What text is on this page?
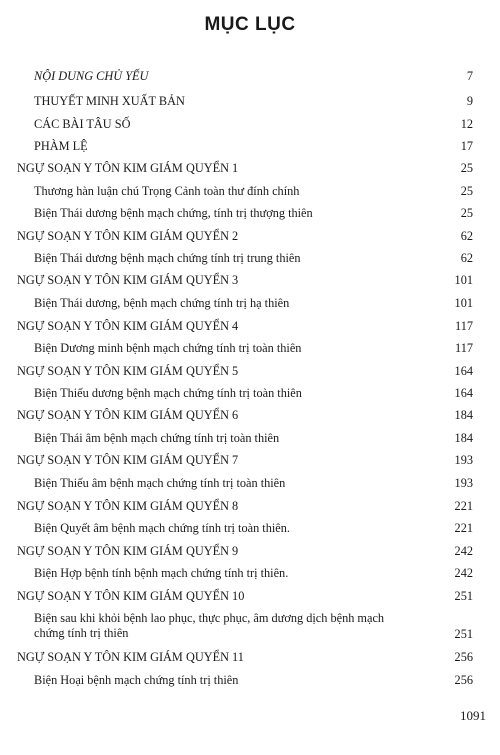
MỤC LỤC
NỘI DUNG CHỦ YẾU	7
THUYẾT MINH XUẤT BẢN	9
CÁC BÀI TÂU SỐ	12
PHÀM LỆ	17
NGỰ SOẠN Y TÔN KIM GIÁM QUYỂN 1	25
Thương hàn luận chú Trọng Cảnh toàn thư đính chính	25
Biện Thái dương bệnh mạch chứng, tính trị thượng thiên	25
NGỰ SOẠN Y TÔN KIM GIÁM QUYỂN 2	62
Biện Thái dương bệnh mạch chứng tính trị trung thiên	62
NGỰ SOẠN Y TÔN KIM GIÁM QUYỂN 3	101
Biện Thái dương, bệnh mạch chứng tính trị hạ thiên	101
NGỰ SOẠN Y TÔN KIM GIÁM QUYỂN 4	117
Biện Dương minh bệnh mạch chứng tính trị toàn thiên	117
NGỰ SOẠN Y TÔN KIM GIÁM QUYỂN 5	164
Biện Thiếu dương bệnh mạch chứng tính trị toàn thiên	164
NGỰ SOẠN Y TÔN KIM GIÁM QUYỂN 6	184
Biện Thái âm bệnh mạch chứng tính trị toàn thiên	184
NGỰ SOẠN Y TÔN KIM GIÁM QUYỂN 7	193
Biện Thiếu âm bệnh mạch chứng tính trị toàn thiên	193
NGỰ SOẠN Y TÔN KIM GIÁM QUYỂN 8	221
Biện Quyết âm bệnh mạch chứng tính trị toàn thiên.	221
NGỰ SOẠN Y TÔN KIM GIÁM QUYỂN 9	242
Biện Hợp bệnh tính bệnh mạch chứng tính trị thiên.	242
NGỰ SOẠN Y TÔN KIM GIÁM QUYỂN 10	251
Biện sau khi khỏi bệnh lao phục, thực phục, âm dương dịch bệnh mạch chứng tính trị thiên	251
NGỰ SOẠN Y TÔN KIM GIÁM QUYỂN 11	256
Biện Hoại bệnh mạch chứng tính trị thiên	256
1091
